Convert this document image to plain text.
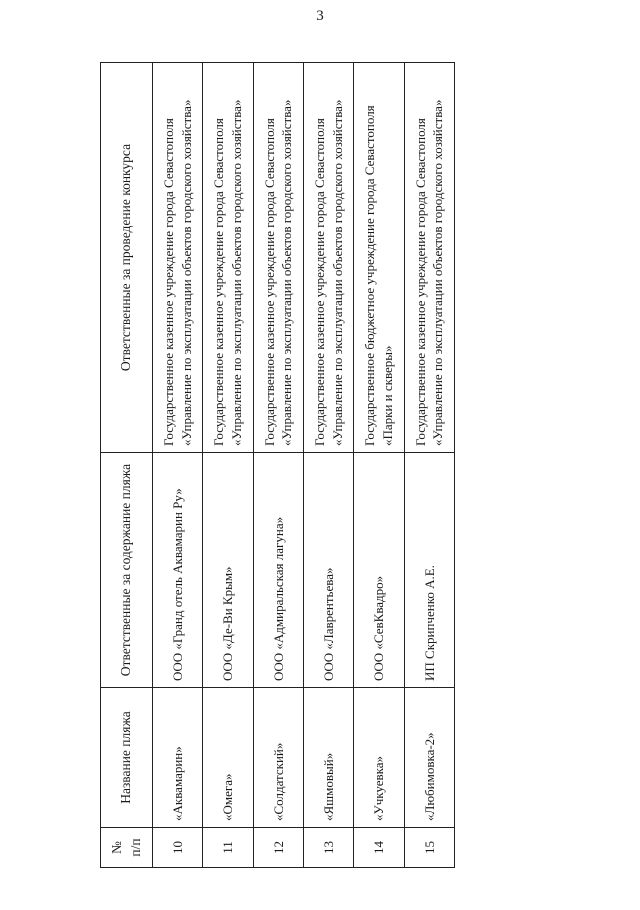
3
№ п/п	Название пляжа	Ответственные за содержание пляжа	Ответственные за проведение конкурса
10	«Аквамарин»	ООО «Гранд отель Аквамарин Ру»	Государственное казенное учреждение города Севастополя «Управление по эксплуатации объектов городского хозяйства»
11	«Омега»	ООО «Де-Ви Крым»	Государственное казенное учреждение города Севастополя «Управление по эксплуатации объектов городского хозяйства»
12	«Солдатский»	ООО «Адмиральская лагуна»	Государственное казенное учреждение города Севастополя «Управление по эксплуатации объектов городского хозяйства»
13	«Яшмовый»	ООО «Лаврентьева»	Государственное казенное учреждение города Севастополя «Управление по эксплуатации объектов городского хозяйства»
14	«Учкуевка»	ООО «СевКвадро»	Государственное бюджетное учреждение города Севастополя «Парки и скверы»
15	«Любимовка-2»	ИП Скрипченко А.Е.	Государственное казенное учреждение города Севастополя «Управление по эксплуатации объектов городского хозяйства»
